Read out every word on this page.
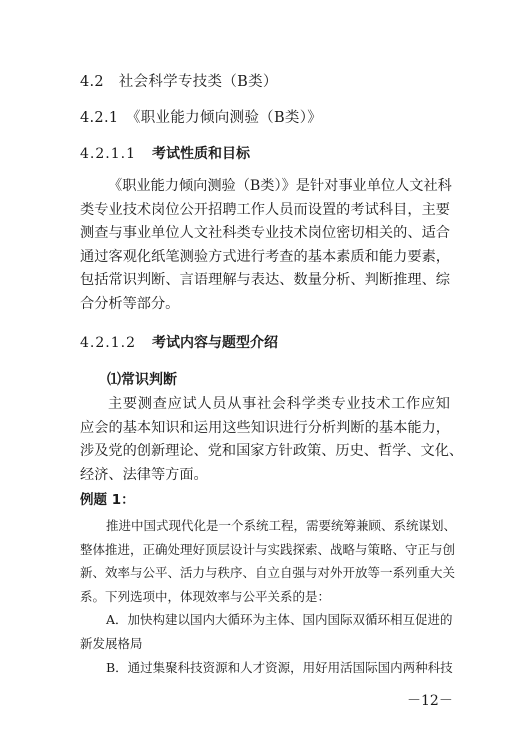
4.2　社会科学专技类（B类）
4.2.1　《职业能力倾向测验（B类）》
4.2.1.1 考试性质和目标
《职业能力倾向测验（B类）》是针对事业单位人文社科
类专业技术岗位公开招聘工作人员而设置的考试科目，主要
测查与事业单位人文社科类专业技术岗位密切相关的、适合
通过客观化纸笔测验方式进行考查的基本素质和能力要素，
包括常识判断、言语理解与表达、数量分析、判断推理、综
合分析等部分。
4.2.1.2 考试内容与题型介绍
⑴常识判断
主要测查应试人员从事社会科学类专业技术工作应知
应会的基本知识和运用这些知识进行分析判断的基本能力，
涉及党的创新理论、党和国家方针政策、历史、哲学、文化、
经济、法律等方面。
例题 1：
推进中国式现代化是一个系统工程，需要统筹兼顾、系统谋划、
整体推进，正确处理好顶层设计与实践探索、战略与策略、守正与创
新、效率与公平、活力与秩序、自立自强与对外开放等一系列重大关
系。下列选项中，体现效率与公平关系的是：
A．加快构建以国内大循环为主体、国内国际双循环相互促进的
新发展格局
B．通过集聚科技资源和人才资源，用好用活国际国内两种科技
－12－
